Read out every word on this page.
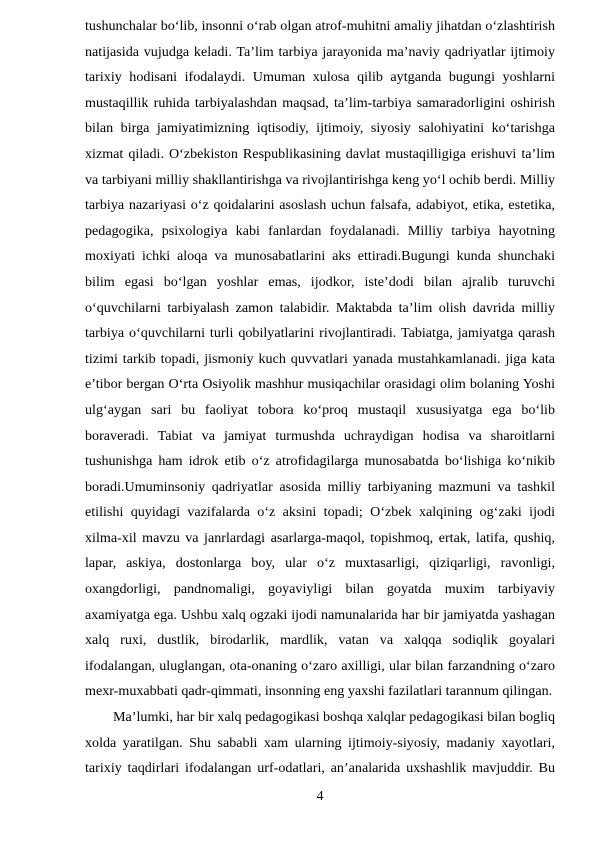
tushunchalar bo‘lib, insonni o‘rab olgan atrof-muhitni amaliy jihatdan o‘zlashtirish
natijasida vujudga keladi. Ta’lim tarbiya jarayonida ma’naviy qadriyatlar ijtimoiy
tarixiy hodisani ifodalaydi. Umuman xulosa qilib aytganda bugungi yoshlarni
mustaqillik ruhida tarbiyalashdan maqsad, ta’lim-tarbiya samaradorligini oshirish
bilan birga jamiyatimizning iqtisodiy, ijtimoiy, siyosiy salohiyatini ko‘tarishga
xizmat qiladi. O‘zbekiston Respublikasining davlat mustaqilligiga erishuvi ta’lim
va tarbiyani milliy shakllantirishga va rivojlantirishga keng yo‘l ochib berdi. Milliy
tarbiya nazariyasi o‘z qoidalarini asoslash uchun falsafa, adabiyot, etika, estetika,
pedagogika, psixologiya kabi fanlardan foydalanadi. Milliy tarbiya hayotning
moxiyati ichki aloqa va munosabatlarini aks ettiradi.Bugungi kunda shunchaki
bilim egasi bo‘lgan yoshlar emas, ijodkor, iste’dodi bilan ajralib turuvchi
o‘quvchilarni tarbiyalash zamon talabidir. Maktabda ta’lim olish davrida milliy
tarbiya o‘quvchilarni turli qobilyatlarini rivojlantiradi. Tabiatga, jamiyatga qarash
tizimi tarkib topadi, jismoniy kuch quvvatlari yanada mustahkamlanadi. jiga kata
e’tibor bergan O‘rta Osiyolik mashhur musiqachilar orasidagi olim bolaning Yoshi
ulg‘aygan sari bu faoliyat tobora ko‘proq mustaqil xususiyatga ega bo‘lib
boraveradi. Tabiat va jamiyat turmushda uchraydigan hodisa va sharoitlarni
tushunishga ham idrok etib o‘z atrofidagilarga munosabatda bo‘lishiga ko‘nikib
boradi.Umuminsoniy qadriyatlar asosida milliy tarbiyaning mazmuni va tashkil
etilishi quyidagi vazifalarda o‘z aksini topadi; O‘zbek xalqining og‘zaki ijodi
xilma-xil mavzu va janrlardagi asarlarga-maqol, topishmoq, ertak, latifa, qushiq,
lapar, askiya, dostonlarga boy, ular o‘z muxtasarligi, qiziqarligi, ravonligi,
oxangdorligi, pandnomaligi, goyaviyligi bilan goyatda muxim tarbiyaviy
axamiyatga ega. Ushbu xalq ogzaki ijodi namunalarida har bir jamiyatda yashagan
xalq ruxi, dustlik, birodarlik, mardlik, vatan va xalqqa sodiqlik goyalari
ifodalangan, uluglangan, ota-onaning o‘zaro axilligi, ular bilan farzandning o‘zaro
mexr-muxabbati qadr-qimmati, insonning eng yaxshi fazilatlari tarannum qilingan.
Ma’lumki, har bir xalq pedagogikasi boshqa xalqlar pedagogikasi bilan bogliq
xolda yaratilgan. Shu sababli xam ularning ijtimoiy-siyosiy, madaniy xayotlari,
tarixiy taqdirlari ifodalangan urf-odatlari, an’analarida uxshashlik mavjuddir. Bu
4
